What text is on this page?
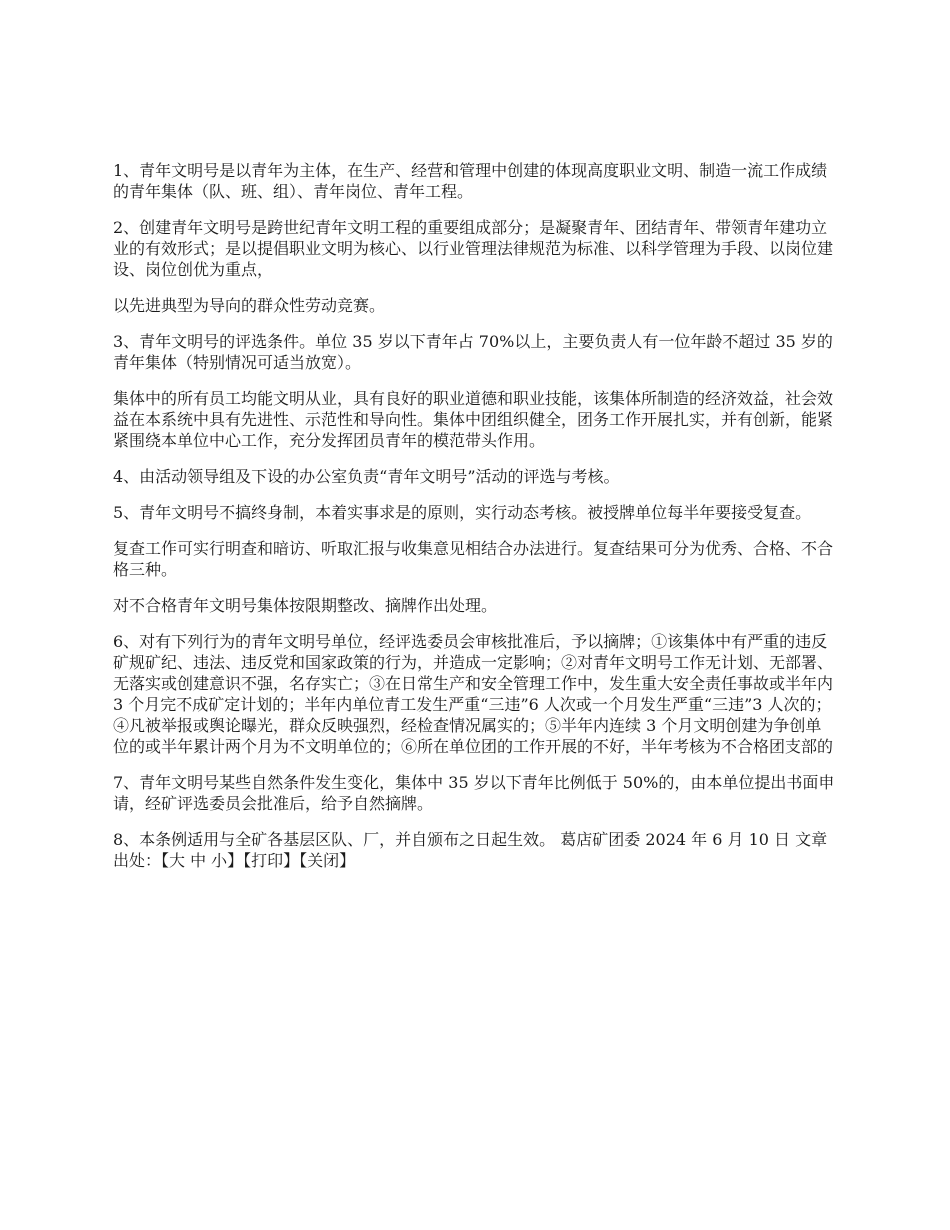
1、青年文明号是以青年为主体，在生产、经营和管理中创建的体现高度职业文明、制造一流工作成绩的青年集体（队、班、组）、青年岗位、青年工程。

2、创建青年文明号是跨世纪青年文明工程的重要组成部分；是凝聚青年、团结青年、带领青年建功立业的有效形式；是以提倡职业文明为核心、以行业管理法律规范为标准、以科学管理为手段、以岗位建设、岗位创优为重点，

以先进典型为导向的群众性劳动竞赛。

3、青年文明号的评选条件。单位 35 岁以下青年占 70%以上，主要负责人有一位年龄不超过 35 岁的青年集体（特别情况可适当放宽）。

集体中的所有员工均能文明从业，具有良好的职业道德和职业技能，该集体所制造的经济效益，社会效益在本系统中具有先进性、示范性和导向性。集体中团组织健全，团务工作开展扎实，并有创新，能紧紧围绕本单位中心工作，充分发挥团员青年的模范带头作用。

4、由活动领导组及下设的办公室负责“青年文明号”活动的评选与考核。

5、青年文明号不搞终身制，本着实事求是的原则，实行动态考核。被授牌单位每半年要接受复查。

复查工作可实行明查和暗访、听取汇报与收集意见相结合办法进行。复查结果可分为优秀、合格、不合格三种。

对不合格青年文明号集体按限期整改、摘牌作出处理。

6、对有下列行为的青年文明号单位，经评选委员会审核批准后，予以摘牌；①该集体中有严重的违反矿规矿纪、违法、违反党和国家政策的行为，并造成一定影响；②对青年文明号工作无计划、无部署、无落实或创建意识不强，名存实亡；③在日常生产和安全管理工作中，发生重大安全责任事故或半年内 3 个月完不成矿定计划的；半年内单位青工发生严重“三违”6 人次或一个月发生严重“三违”3 人次的；④凡被举报或舆论曝光，群众反映强烈，经检查情况属实的；⑤半年内连续 3 个月文明创建为争创单位的或半年累计两个月为不文明单位的；⑥所在单位团的工作开展的不好，半年考核为不合格团支部的

7、青年文明号某些自然条件发生变化，集体中 35 岁以下青年比例低于 50%的，由本单位提出书面申请，经矿评选委员会批准后，给予自然摘牌。

8、本条例适用与全矿各基层区队、厂，并自颁布之日起生效。 葛店矿团委 2024 年 6 月 10 日 文章出处：【大 中 小】【打印】【关闭】
